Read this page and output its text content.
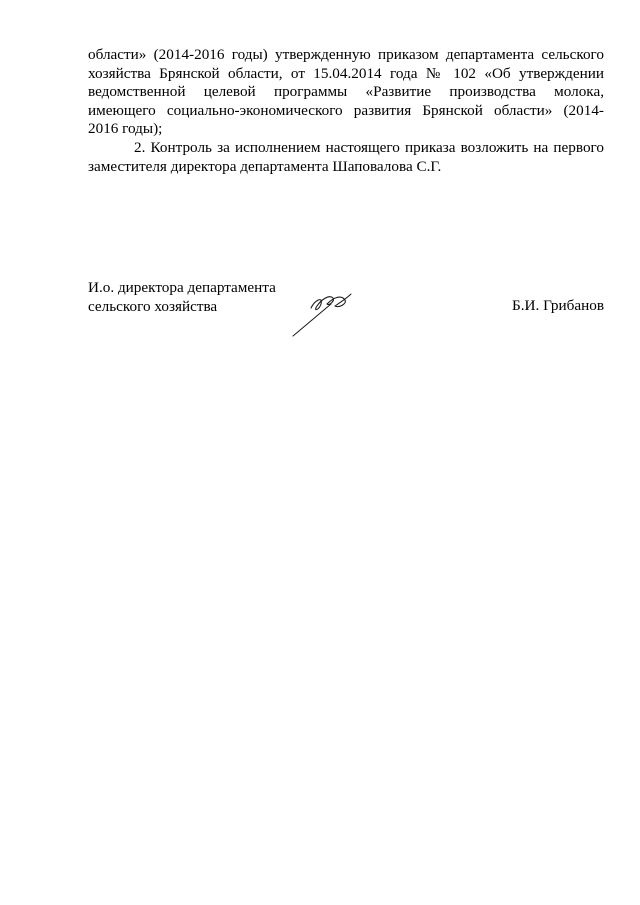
области» (2014-2016 годы) утвержденную приказом департамента сельского
хозяйства Брянской области, от 15.04.2014 года № 102 «Об утверждении
ведомственной целевой программы «Развитие производства молока,
имеющего социально-экономического развития Брянской области» (2014-
2016 годы);
2. Контроль за исполнением настоящего приказа возложить на первого
заместителя директора департамента Шаповалова С.Г.
И.о. директора департамента
сельского хозяйства	Б.И. Грибанов
